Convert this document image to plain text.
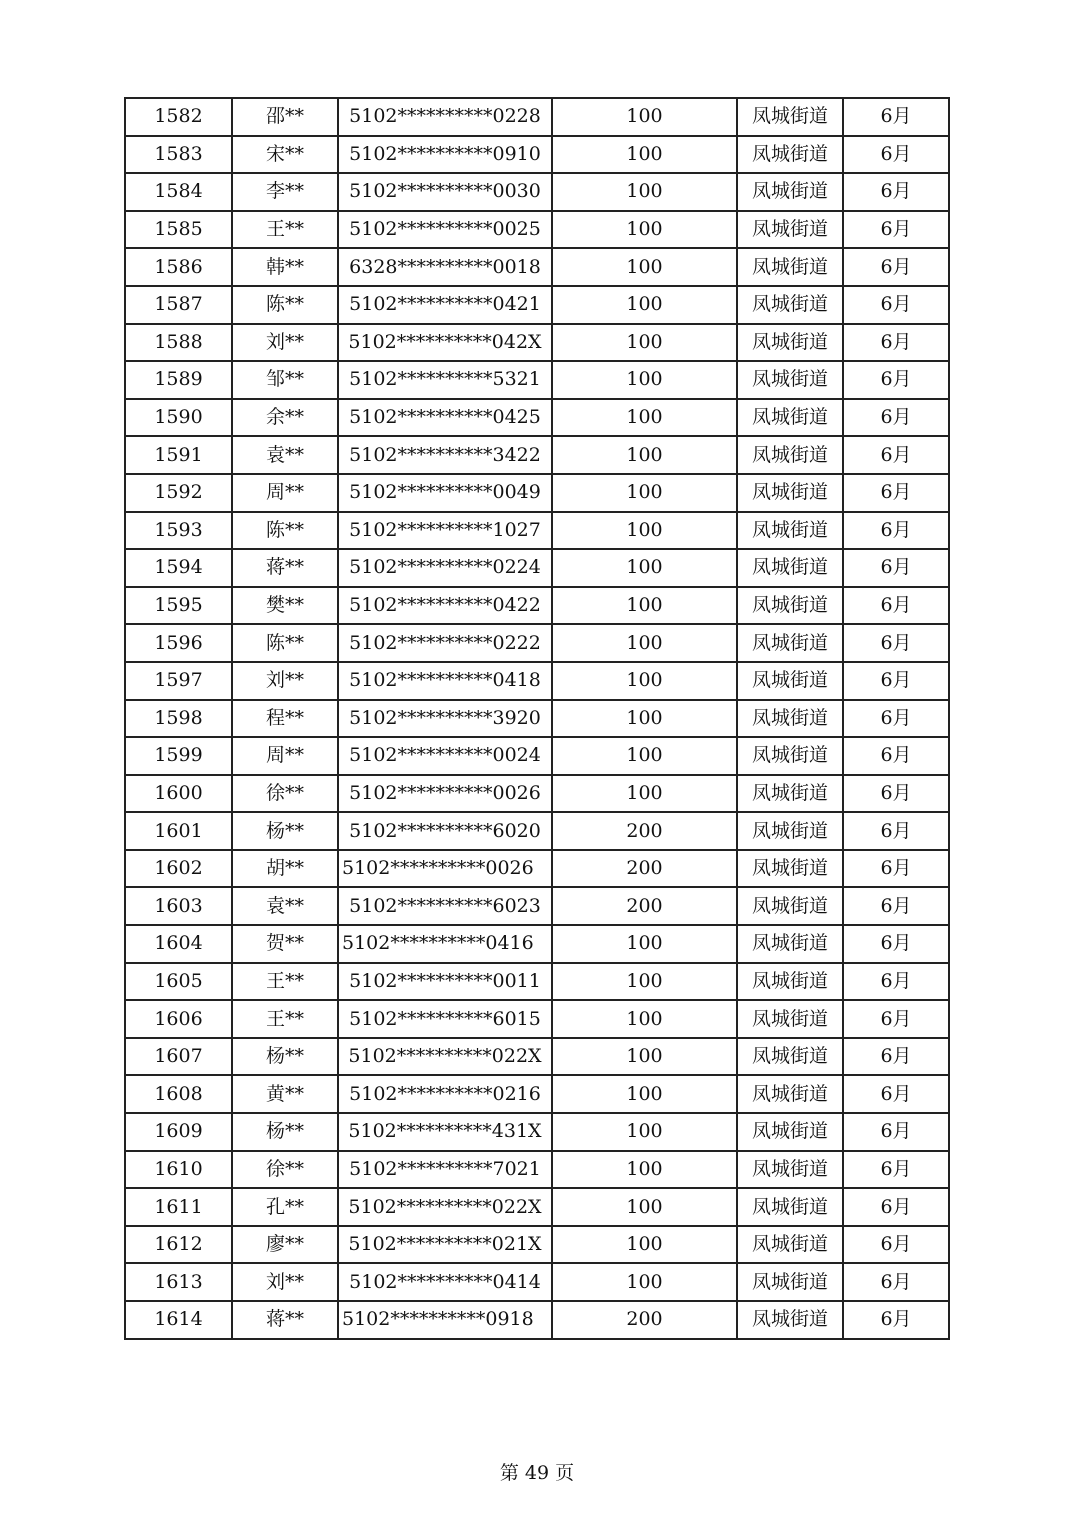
1582	邵**	5102**********0228	100	凤城街道	6月
1583	宋**	5102**********0910	100	凤城街道	6月
1584	李**	5102**********0030	100	凤城街道	6月
1585	王**	5102**********0025	100	凤城街道	6月
1586	韩**	6328**********0018	100	凤城街道	6月
1587	陈**	5102**********0421	100	凤城街道	6月
1588	刘**	5102**********042X	100	凤城街道	6月
1589	邹**	5102**********5321	100	凤城街道	6月
1590	余**	5102**********0425	100	凤城街道	6月
1591	袁**	5102**********3422	100	凤城街道	6月
1592	周**	5102**********0049	100	凤城街道	6月
1593	陈**	5102**********1027	100	凤城街道	6月
1594	蒋**	5102**********0224	100	凤城街道	6月
1595	樊**	5102**********0422	100	凤城街道	6月
1596	陈**	5102**********0222	100	凤城街道	6月
1597	刘**	5102**********0418	100	凤城街道	6月
1598	程**	5102**********3920	100	凤城街道	6月
1599	周**	5102**********0024	100	凤城街道	6月
1600	徐**	5102**********0026	100	凤城街道	6月
1601	杨**	5102**********6020	200	凤城街道	6月
1602	胡**	5102**********0026	200	凤城街道	6月
1603	袁**	5102**********6023	200	凤城街道	6月
1604	贺**	5102**********0416	100	凤城街道	6月
1605	王**	5102**********0011	100	凤城街道	6月
1606	王**	5102**********6015	100	凤城街道	6月
1607	杨**	5102**********022X	100	凤城街道	6月
1608	黄**	5102**********0216	100	凤城街道	6月
1609	杨**	5102**********431X	100	凤城街道	6月
1610	徐**	5102**********7021	100	凤城街道	6月
1611	孔**	5102**********022X	100	凤城街道	6月
1612	廖**	5102**********021X	100	凤城街道	6月
1613	刘**	5102**********0414	100	凤城街道	6月
1614	蒋**	5102**********0918	200	凤城街道	6月
第 49 页
